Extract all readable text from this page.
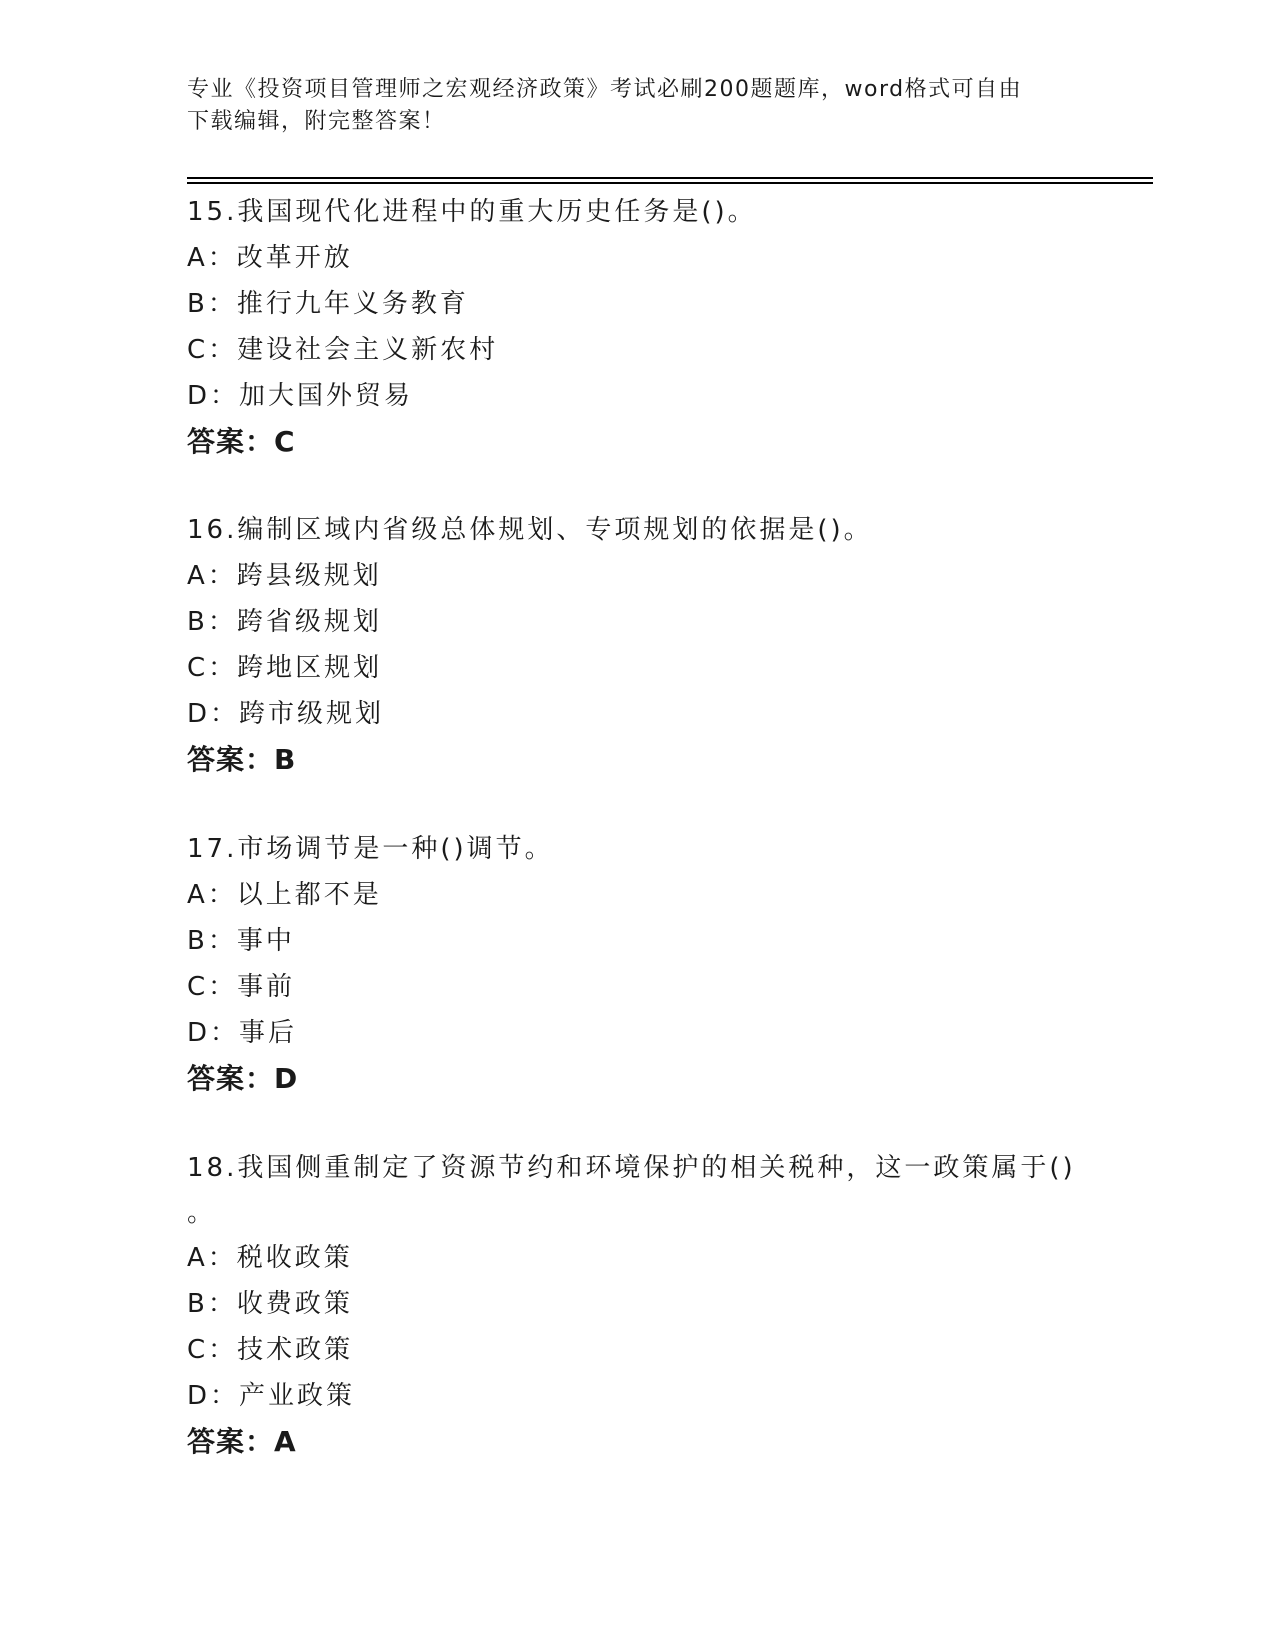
专业《投资项目管理师之宏观经济政策》考试必刷200题题库，word格式可自由
下载编辑，附完整答案！
15.我国现代化进程中的重大历史任务是()。
A：改革开放
B：推行九年义务教育
C：建设社会主义新农村
D：加大国外贸易
答案：C
16.编制区域内省级总体规划、专项规划的依据是()。
A：跨县级规划
B：跨省级规划
C：跨地区规划
D：跨市级规划
答案：B
17.市场调节是一种()调节。
A：以上都不是
B：事中
C：事前
D：事后
答案：D
18.我国侧重制定了资源节约和环境保护的相关税种，这一政策属于()
。
A：税收政策
B：收费政策
C：技术政策
D：产业政策
答案：A
